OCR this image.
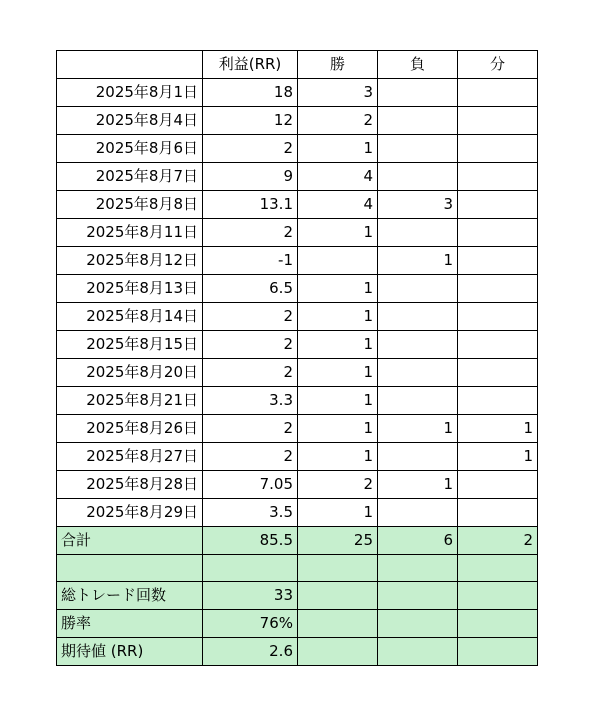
	利益(RR)	勝	負	分
2025年8月1日	18	3		
2025年8月4日	12	2		
2025年8月6日	2	1		
2025年8月7日	9	4		
2025年8月8日	13.1	4	3	
2025年8月11日	2	1		
2025年8月12日	-1		1	
2025年8月13日	6.5	1		
2025年8月14日	2	1		
2025年8月15日	2	1		
2025年8月20日	2	1		
2025年8月21日	3.3	1		
2025年8月26日	2	1	1	1
2025年8月27日	2	1		1
2025年8月28日	7.05	2	1	
2025年8月29日	3.5	1		
合計	85.5	25	6	2

総トレード回数	33			
勝率	76%			
期待値 (RR)	2.6			
